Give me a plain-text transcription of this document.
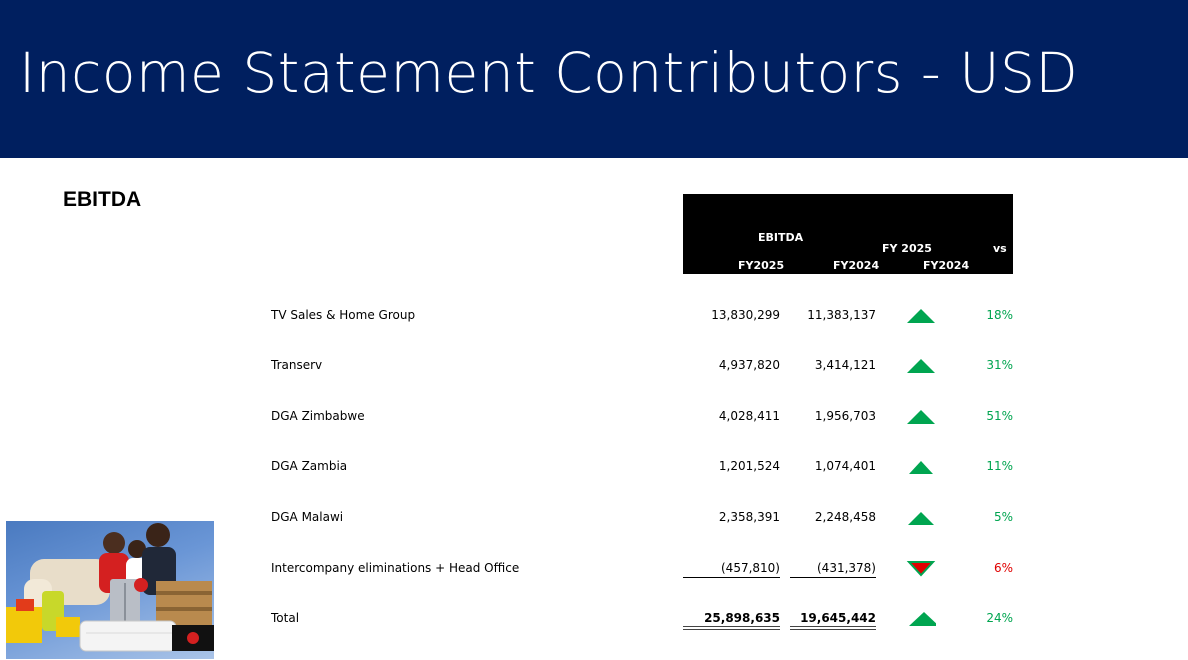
Income Statement Contributors - USD
EBITDA
EBITDA
FY2025	FY2024
FY 2025	vs
FY2024
TV Sales & Home Group	13,830,299	11,383,137	18%
Transerv	4,937,820	3,414,121	31%
DGA Zimbabwe	4,028,411	1,956,703	51%
DGA Zambia	1,201,524	1,074,401	11%
DGA Malawi	2,358,391	2,248,458	5%
Intercompany eliminations + Head Office	(457,810)	(431,378)	6%
Total	25,898,635	19,645,442	24%
